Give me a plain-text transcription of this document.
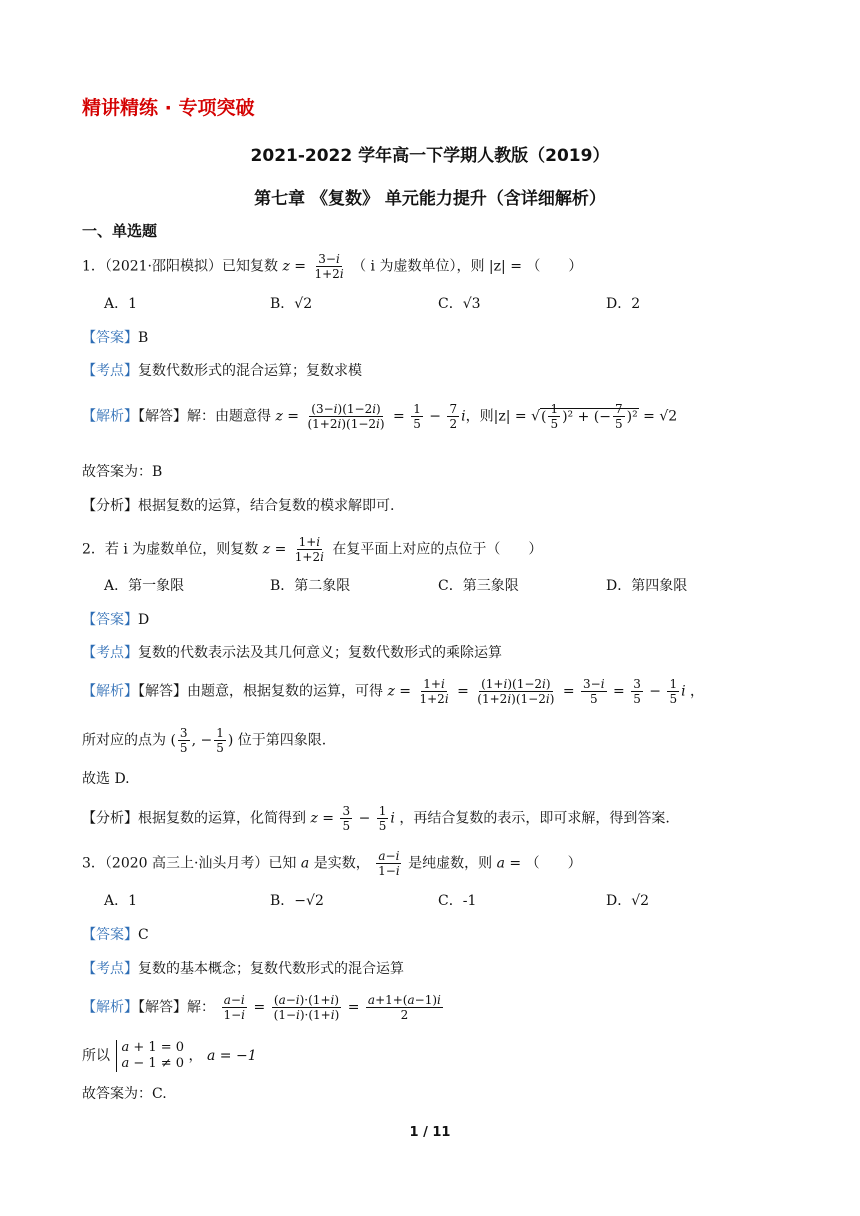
精讲精练 · 专项突破
2021-2022 学年高一下学期人教版（2019）
第七章 《复数》 单元能力提升（含详细解析）
一、单选题
1．（2021·邵阳模拟）已知复数 $z = \frac{3-i}{1+2i}$ （ i 为虚数单位），则 |z| = （　　）
A．1	B．√2	C．√3	D．2
【答案】B
【考点】复数代数形式的混合运算；复数求模
【解析】【解答】解：由题意得 $z = \frac{(3-i)(1-2i)}{(1+2i)(1-2i)} = \frac{1}{5} - \frac{7}{2}$ i，则|z| = √( $\frac{1}{5} )^2$ + (− $\frac{7}{5} )^2 = √2$
故答案为：B
【分析】根据复数的运算，结合复数的模求解即可.
2．若 i 为虚数单位，则复数 $z = \frac{1+i}{1+2i}$ 在复平面上对应的点位于（　　）
A．第一象限	B．第二象限	C．第三象限	D．第四象限
【答案】D
【考点】复数的代数表示法及其几何意义；复数代数形式的乘除运算
【解析】【解答】由题意，根据复数的运算，可得 $z = \frac{1+i}{1+2i} = \frac{(1+i)(1-2i)}{(1+2i)(1-2i)} = \frac{3-i}{5} = \frac{3}{5} - \frac{1}{5}$ i ，
所对应的点为 ( $\frac{3}{5}$ , − $\frac{1}{5}$ ) 位于第四象限.
故选 D.
【分析】根据复数的运算，化简得到 $z = \frac{3}{5} - \frac{1}{5}$ i ，再结合复数的表示，即可求解，得到答案.
3．（2020 高三上·汕头月考）已知 a 是实数， $\frac{a-i}{1-i}$ 是纯虚数，则 a = （　　）
A．1	B．−√2	C．-1	D．√2
【答案】C
【考点】复数的基本概念；复数代数形式的混合运算
【解析】【解答】解： $\frac{a-i}{1-i} = \frac{(a-i)\cdot(1+i)}{(1-i)\cdot(1+i)} = \frac{a+1+(a-1)i}{2}$
所以
a + 1 = 0
a − 1 ≠ 0 ， a = −1
故答案为：C.
1 / 11
